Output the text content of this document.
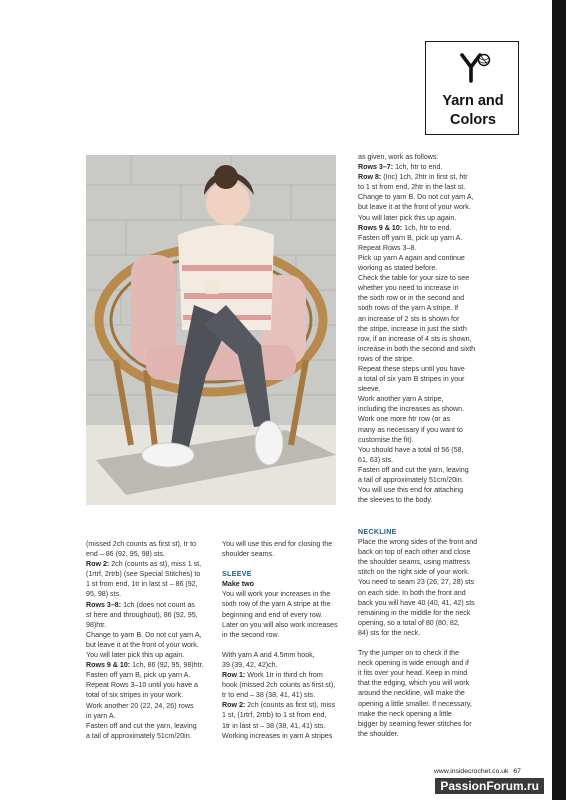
Yarn and
Colors

(missed 2ch counts as first st), tr to

end – 86 (92, 95, 98) sts.

Row 2: 2ch (counts as st), miss 1 st,

(1rtrf, 2rtrb) (see Special Stitches) to

1 st from end, 1tr in last st – 86 (92,

95, 98) sts.

Rows 3–8: 1ch (does not count as

st here and throughout), 86 (92, 95,

98)htr.

Change to yarn B. Do not cut yarn A,

but leave it at the front of your work.

You will later pick this up again.

Rows 9 & 10: 1ch, 86 (92, 95, 98)htr.

Fasten off yarn B, pick up yarn A.

Repeat Rows 3–10 until you have a

total of six stripes in your work.

Work another 20 (22, 24, 26) rows

in yarn A.

Fasten off and cut the yarn, leaving

a tail of approximately 51cm/20in.

You will use this end for closing the

shoulder seams.

SLEEVE

Make two

You will work your increases in the

sixth row of the yarn A stripe at the

beginning and end of every row.

Later on you will also work increases

in the second row.

With yarn A and 4.5mm hook,

39 (39, 42, 42)ch.

Row 1: Work 1tr in third ch from

hook (missed 2ch counts as first st),

tr to end – 38 (38, 41, 41) sts.

Row 2: 2ch (counts as first st), miss

1 st, (1rtrf, 2rtrb) to 1 st from end,

1tr in last st – 38 (38, 41, 41) sts.

Working increases in yarn A stripes

as given, work as follows:

Rows 3–7: 1ch, htr to end.

Row 8: (Inc) 1ch, 2htr in first st, htr

to 1 st from end, 2htr in the last st.

Change to yarn B. Do not cut yarn A,

but leave it at the front of your work.

You will later pick this up again.

Rows 9 & 10: 1ch, htr to end.

Fasten off yarn B, pick up yarn A.

Repeat Rows 3–8.

Pick up yarn A again and continue

working as stated before.

Check the table for your size to see

whether you need to increase in

the sixth row or in the second and

sixth rows of the yarn A stripe. If

an increase of 2 sts is shown for

the stripe, increase in just the sixth

row, if an increase of 4 sts is shown,

increase in both the second and sixth

rows of the stripe.

Repeat these steps until you have

a total of six yarn B stripes in your

sleeve.

Work another yarn A stripe,

including the increases as shown.

Work one more htr row (or as

many as necessary if you want to

customise the fit).

You should have a total of 56 (58,

61, 63) sts.

Fasten off and cut the yarn, leaving

a tail of approximately 51cm/20in.

You will use this end for attaching

the sleeves to the body.

NECKLINE

Place the wrong sides of the front and

back on top of each other and close

the shoulder seams, using mattress

stitch on the right side of your work.

You need to seam 23 (26, 27, 28) sts

on each side. In both the front and

back you will have 40 (40, 41, 42) sts

remaining in the middle for the neck

opening, so a total of 80 (80, 82,

84) sts for the neck.

Try the jumper on to check if the

neck opening is wide enough and if

it fits over your head. Keep in mind

that the edging, which you will work

around the neckline, will make the

opening a little smaller. If necessary,

make the neck opening a little

bigger by seaming fewer stitches for

the shoulder.

www.insidecrochet.co.uk 67
PassionForum.ru
